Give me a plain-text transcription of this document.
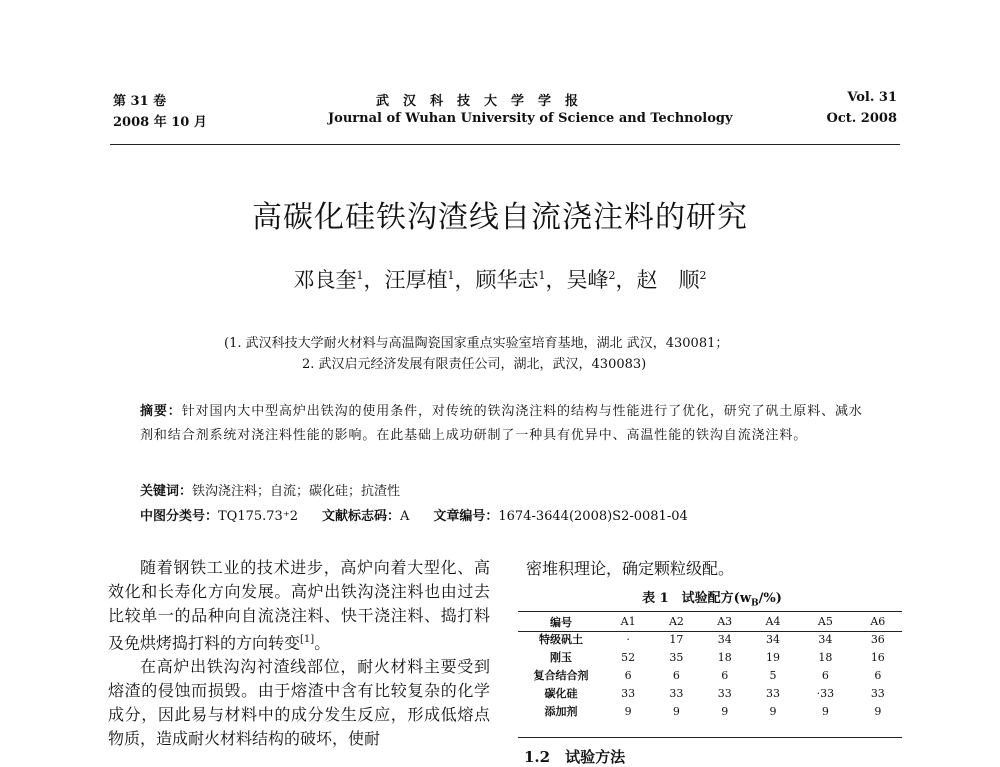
第 31 卷
2008 年 10 月
武汉科技大学学报
Journal of Wuhan University of Science and Technology
Vol. 31
Oct. 2008
高碳化硅铁沟渣线自流浇注料的研究
邓良奎$^1$，汪厚植$^1$，顾华志$^1$，吴峰$^2$，赵　顺$^2$
(1. 武汉科技大学耐火材料与高温陶瓷国家重点实验室培育基地，湖北 武汉，430081；
2. 武汉启元经济发展有限责任公司，湖北，武汉，430083)
摘要：针对国内大中型高炉出铁沟的使用条件，对传统的铁沟浇注料的结构与性能进行了优化，研究了矾土原料、减水剂和结合剂系统对浇注料性能的影响。在此基础上成功研制了一种具有优异中、高温性能的铁沟自流浇注料。
关键词：铁沟浇注料；自流；碳化硅；抗渣性
中图分类号：TQ175.73⁺2 文献标志码：A 文章编号：1674-3644(2008)S2-0081-04

随着钢铁工业的技术进步，高炉向着大型化、高效化和长寿化方向发展。高炉出铁沟浇注料也由过去比较单一的品种向自流浇注料、快干浇注料、捣打料及免烘烤捣打料的方向转变[1]。

在高炉出铁沟沟衬渣线部位，耐火材料主要受到熔渣的侵蚀而损毁。由于熔渣中含有比较复杂的化学成分，因此易与材料中的成分发生反应，形成低熔点物质，造成耐火材料结构的破坏，使耐

密堆积理论，确定颗粒级配。
表 1　试验配方$(w_B/\%)$
编号	A1	A2	A3	A4	A5	A6
特级矾土	·	17	34	34	34	36
刚玉	52	35	18	19	18	16
复合结合剂	6	6	6	5	6	6
碳化硅	33	33	33	33	·33	33
添加剂	9	9	9	9	9	9
1.2　试验方法
